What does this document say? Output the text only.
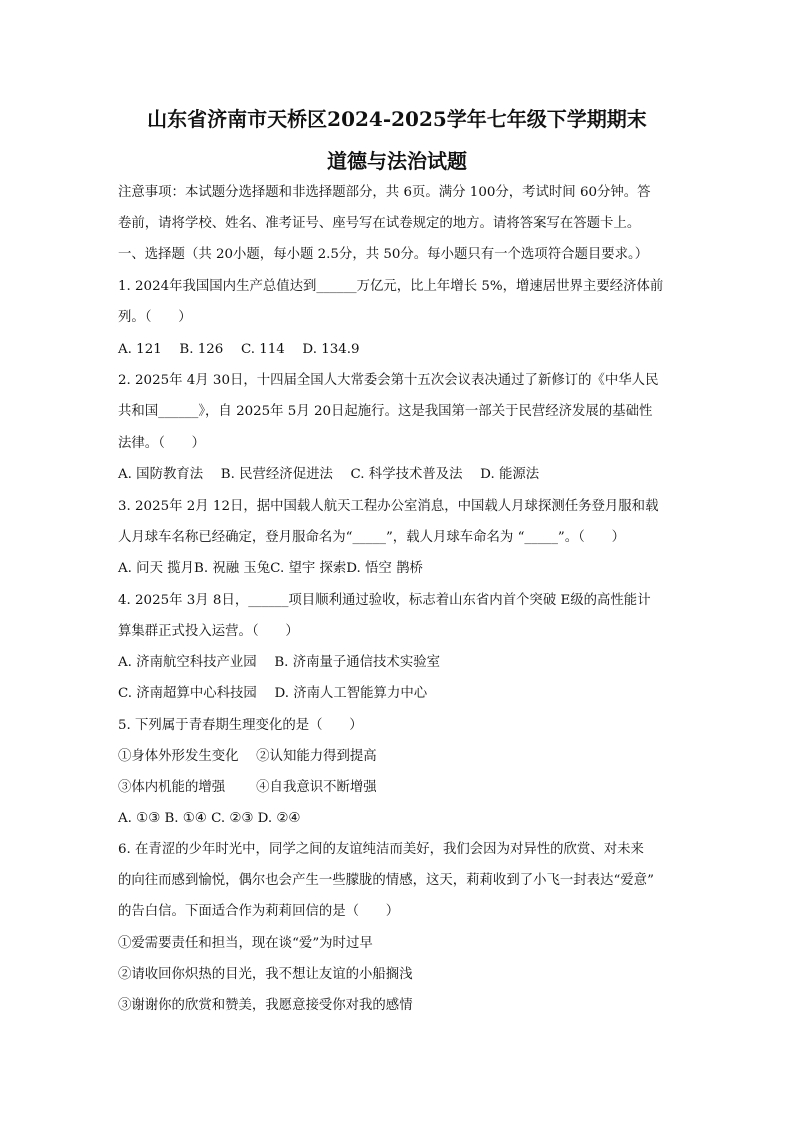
山东省济南市天桥区2024-2025学年七年级下学期期末
道德与法治试题
注意事项：本试题分选择题和非选择题部分，共 6页。满分 100分，考试时间 60分钟。答
卷前，请将学校、姓名、准考证号、座号写在试卷规定的地方。请将答案写在答题卡上。
一、选择题（共 20小题，每小题 2.5分，共 50分。每小题只有一个选项符合题目要求。）
1. 2024年我国国内生产总值达到______万亿元，比上年增长 5%，增速居世界主要经济体前
列。（　　）
A. 121　 B. 126　 C. 114　 D. 134.9
2. 2025年 4月 30日，十四届全国人大常委会第十五次会议表决通过了新修订的《中华人民
共和国______》，自 2025年 5月 20日起施行。这是我国第一部关于民营经济发展的基础性
法律。（　　）
A. 国防教育法　 B. 民营经济促进法　 C. 科学技术普及法　 D. 能源法
3. 2025年 2月 12日，据中国载人航天工程办公室消息，中国载人月球探测任务登月服和载
人月球车名称已经确定，登月服命名为“_____”，载人月球车命名为 “_____”。（　　）
A. 问天 揽月B. 祝融 玉兔C. 望宇 探索D. 悟空 鹊桥
4. 2025年 3月 8日，______项目顺利通过验收，标志着山东省内首个突破 E级的高性能计
算集群正式投入运营。（　　）
A. 济南航空科技产业园　 B. 济南量子通信技术实验室
C. 济南超算中心科技园　 D. 济南人工智能算力中心
5. 下列属于青春期生理变化的是（　　）
①身体外形发生变化　 ②认知能力得到提高
③体内机能的增强　　 ④自我意识不断增强
A. ①③ B. ①④ C. ②③ D. ②④
6. 在青涩的少年时光中，同学之间的友谊纯洁而美好，我们会因为对异性的欣赏、对未来
的向往而感到愉悦，偶尔也会产生一些朦胧的情感，这天，莉莉收到了小飞一封表达“爱意”
的告白信。下面适合作为莉莉回信的是（　　）
①爱需要责任和担当，现在谈“爱”为时过早
②请收回你炽热的目光，我不想让友谊的小船搁浅
③谢谢你的欣赏和赞美，我愿意接受你对我的感情
